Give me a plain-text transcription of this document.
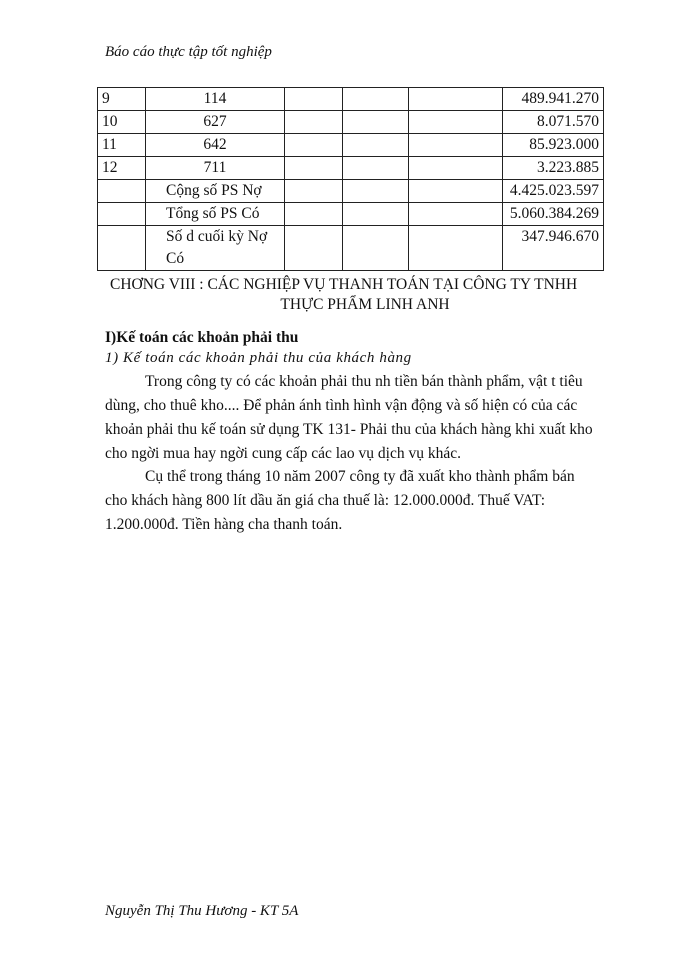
Báo cáo thực tập tốt nghiệp
9	114				489.941.270
10	627				8.071.570
11	642				85.923.000
12	711				3.223.885
	Cộng số PS Nợ				4.425.023.597
	Tổng số PS Có				5.060.384.269
	Số d cuối kỳ Nợ Có				347.946.670
CHƠNG VIII : CÁC NGHIỆP VỤ THANH TOÁN TẠI CÔNG TY TNHH
THỰC PHẨM LINH ANH
I)Kế toán các khoản phải thu
1) Kế toán các khoản phải thu của khách hàng
Trong công ty có các khoản phải thu nh tiền bán thành phẩm, vật t tiêu dùng, cho thuê kho.... Để phản ánh tình hình vận động và số hiện có của các khoản phải thu kế toán sử dụng TK 131- Phải thu của khách hàng khi xuất kho cho ngời mua hay ngời cung cấp các lao vụ dịch vụ khác.
Cụ thể trong tháng 10 năm 2007 công ty đã xuất kho thành phẩm bán cho khách hàng 800 lít dầu ăn giá cha thuế là: 12.000.000đ. Thuế VAT: 1.200.000đ. Tiền hàng cha thanh toán.
Nguyễn Thị Thu Hương - KT 5A
